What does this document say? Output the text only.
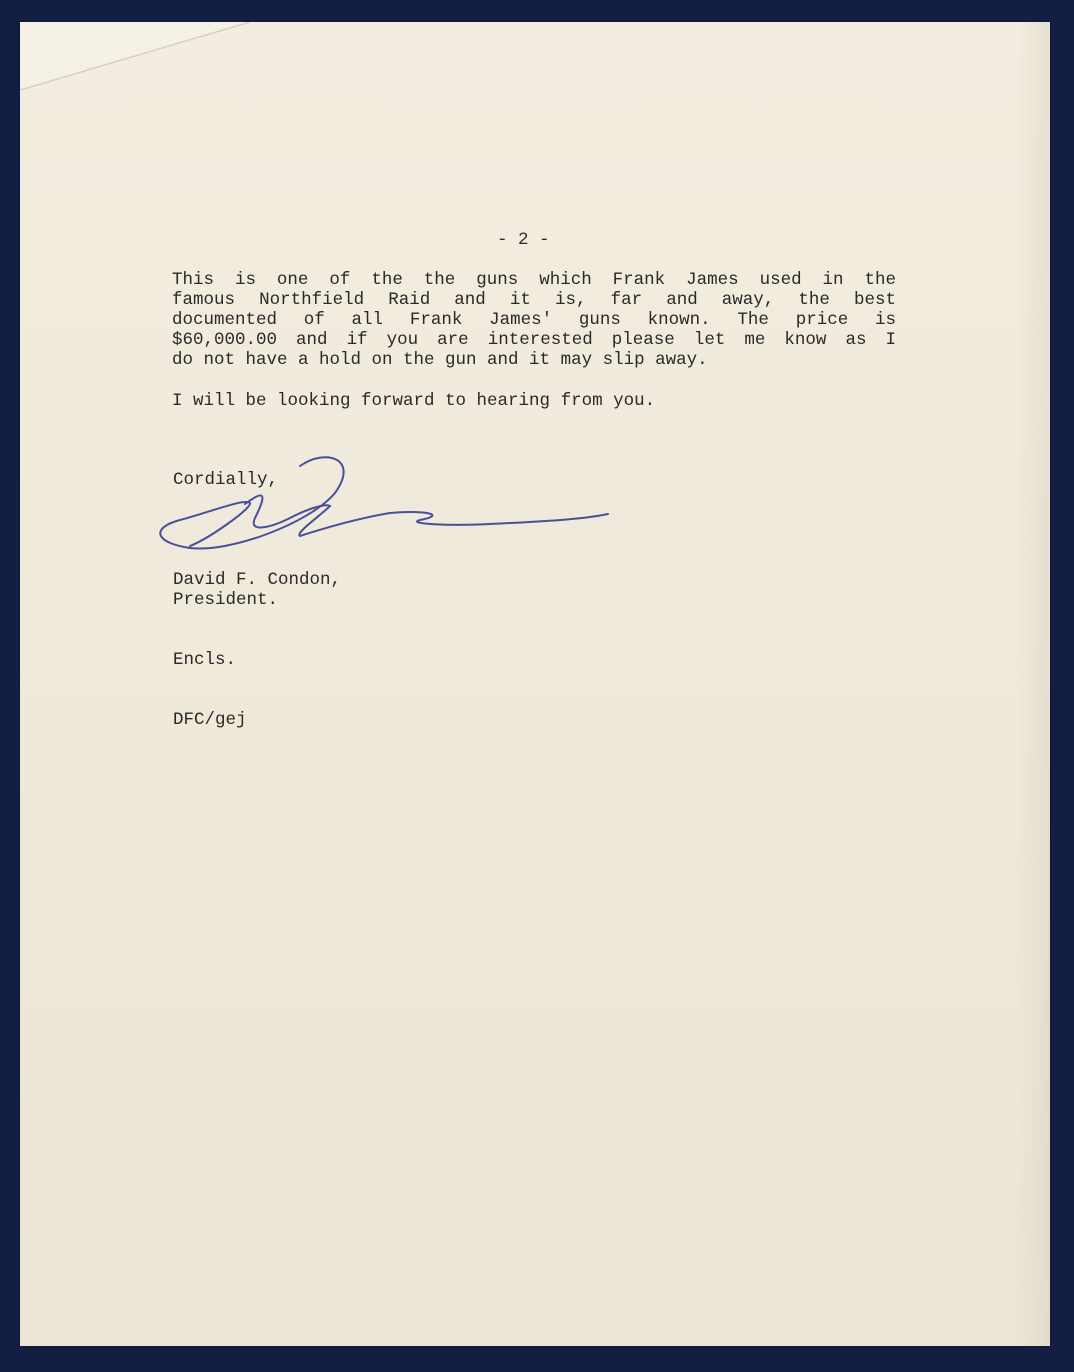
- 2 -
This is one of the the guns which Frank James used in the
famous Northfield Raid and it is, far and away, the best
documented of all Frank James' guns known. The price is
$60,000.00 and if you are interested please let me know as I
do not have a hold on the gun and it may slip away.
I will be looking forward to hearing from you.
Cordially,
David F. Condon,
President.
Encls.
DFC/gej
